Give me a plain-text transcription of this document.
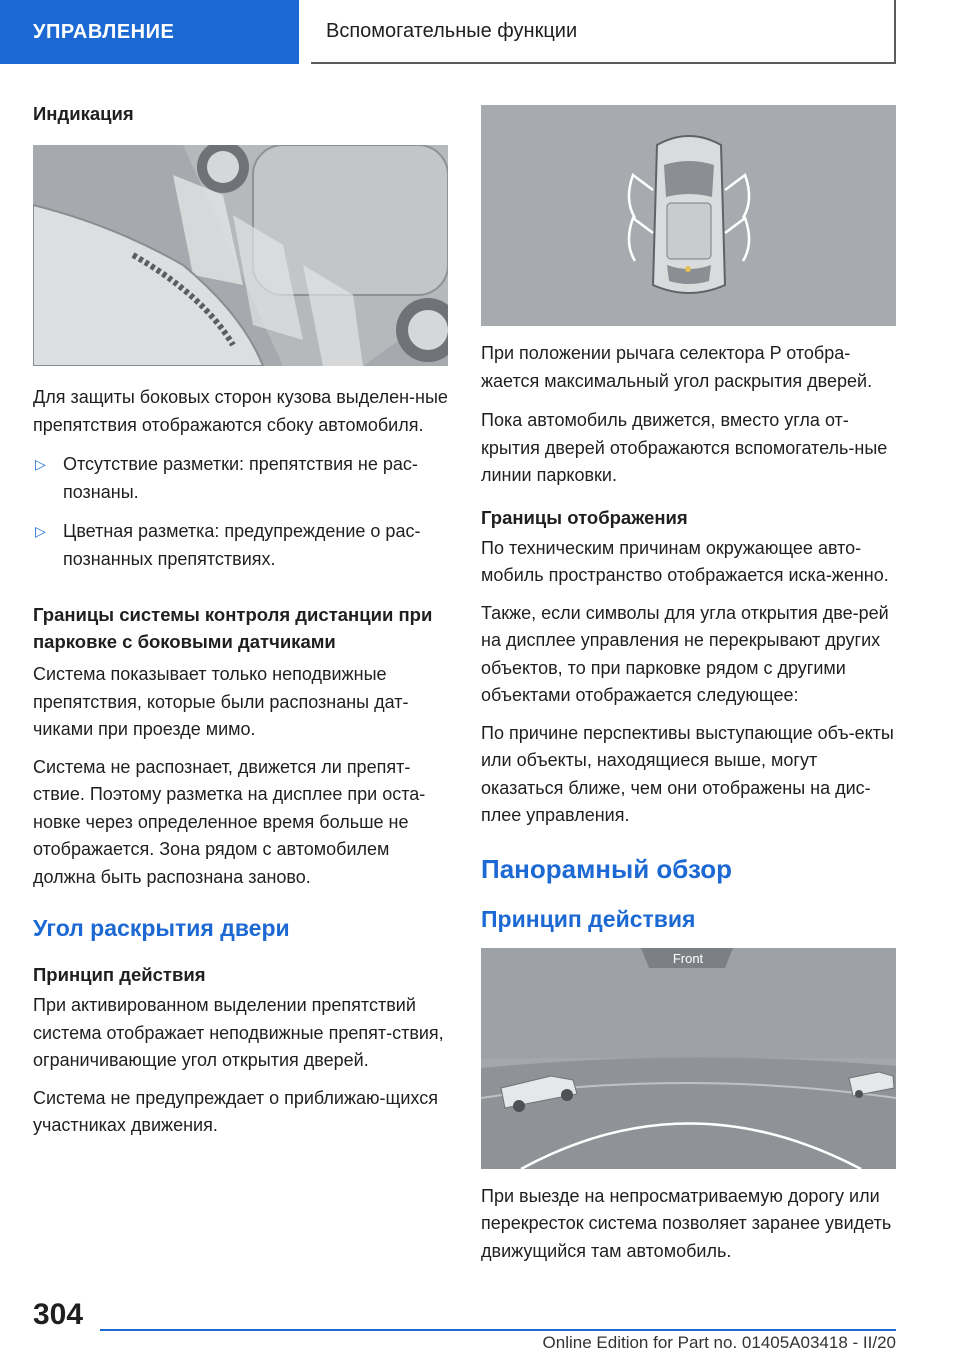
УПРАВЛЕНИЕ	Вспомогательные функции
Индикация

Для защиты боковых сторон кузова выделен-ные препятствия отображаются сбоку автомобиля.

▷ Отсутствие разметки: препятствия не рас-познаны.
▷ Цветная разметка: предупреждение о рас-познанных препятствиях.
Границы системы контроля дистанции при парковке с боковыми датчиками

Система показывает только неподвижные препятствия, которые были распознаны дат-чиками при проезде мимо.

Система не распознает, движется ли препят-ствие. Поэтому разметка на дисплее при оста-новке через определенное время больше не отображается. Зона рядом с автомобилем должна быть распознана заново.

Угол раскрытия двери
Принцип действия

При активированном выделении препятствий система отображает неподвижные препят-ствия, ограничивающие угол открытия дверей.

Система не предупреждает о приближаю-щихся участниках движения.

При положении рычага селектора P отобра-жается максимальный угол раскрытия дверей.

Пока автомобиль движется, вместо угла от-крытия дверей отображаются вспомогатель-ные линии парковки.

Границы отображения

По техническим причинам окружающее авто-мобиль пространство отображается иска-женно.

Также, если символы для угла открытия две-рей на дисплее управления не перекрывают других объектов, то при парковке рядом с другими объектами отображается следующее:

По причине перспективы выступающие объ-екты или объекты, находящиеся выше, могут оказаться ближе, чем они отображены на дис-плее управления.

Панорамный обзор
Принцип действия
Front

При выезде на непросматриваемую дорогу или перекресток система позволяет заранее увидеть движущийся там автомобиль.

304
Online Edition for Part no. 01405A03418 - II/20
